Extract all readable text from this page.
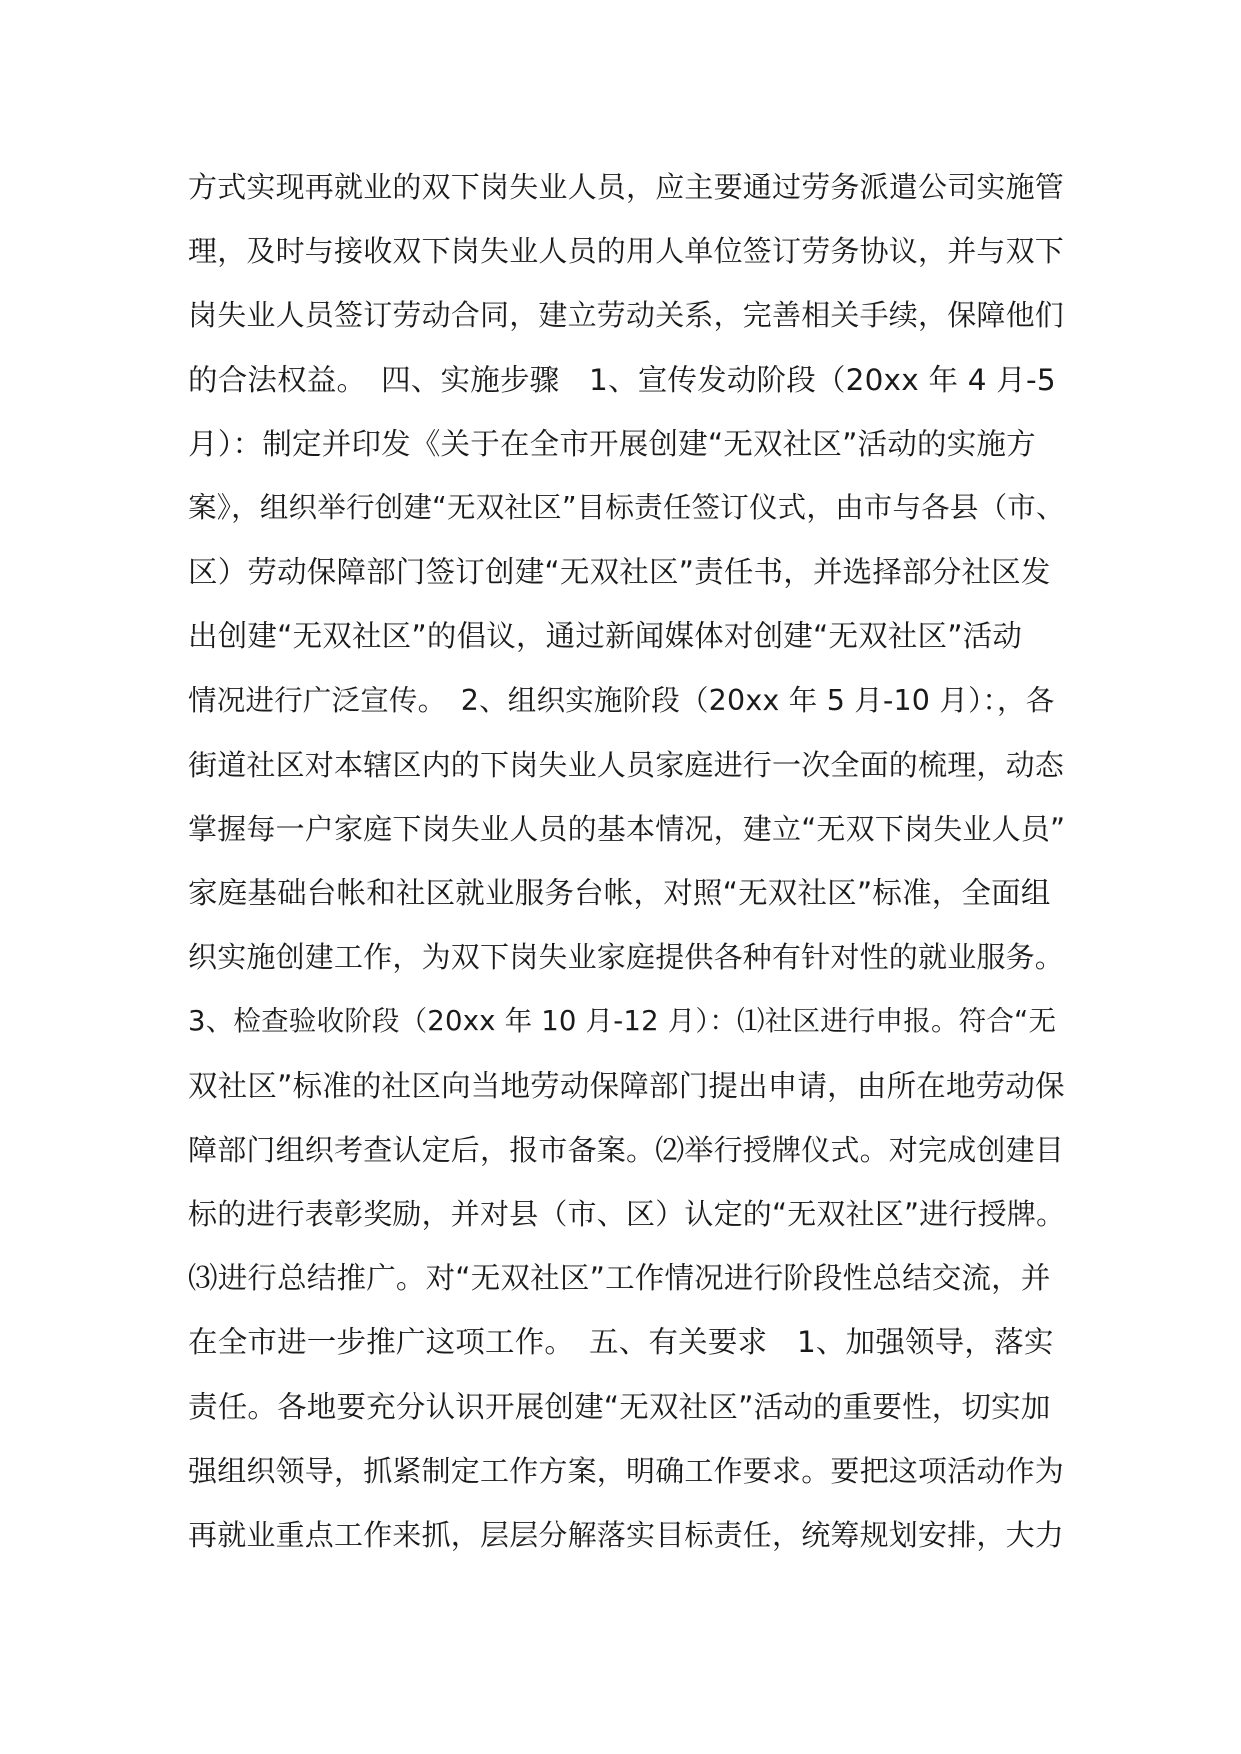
方式实现再就业的双下岗失业人员，应主要通过劳务派遣公司实施管
理，及时与接收双下岗失业人员的用人单位签订劳务协议，并与双下
岗失业人员签订劳动合同，建立劳动关系，完善相关手续，保障他们
的合法权益。　四、实施步骤　1、宣传发动阶段（20xx 年 4 月-5
月）：制定并印发《关于在全市开展创建“无双社区”活动的实施方
案》，组织举行创建“无双社区”目标责任签订仪式，由市与各县（市、
区）劳动保障部门签订创建“无双社区”责任书，并选择部分社区发
出创建“无双社区”的倡议，通过新闻媒体对创建“无双社区”活动
情况进行广泛宣传。　2、组织实施阶段（20xx 年 5 月-10 月）：，各
街道社区对本辖区内的下岗失业人员家庭进行一次全面的梳理，动态
掌握每一户家庭下岗失业人员的基本情况，建立“无双下岗失业人员”
家庭基础台帐和社区就业服务台帐，对照“无双社区”标准，全面组
织实施创建工作，为双下岗失业家庭提供各种有针对性的就业服务。
3、检查验收阶段（20xx 年 10 月-12 月）：⑴社区进行申报。符合“无
双社区”标准的社区向当地劳动保障部门提出申请，由所在地劳动保
障部门组织考查认定后，报市备案。⑵举行授牌仪式。对完成创建目
标的进行表彰奖励，并对县（市、区）认定的“无双社区”进行授牌。
⑶进行总结推广。对“无双社区”工作情况进行阶段性总结交流，并
在全市进一步推广这项工作。　五、有关要求　1、加强领导，落实
责任。各地要充分认识开展创建“无双社区”活动的重要性，切实加
强组织领导，抓紧制定工作方案，明确工作要求。要把这项活动作为
再就业重点工作来抓，层层分解落实目标责任，统筹规划安排，大力
